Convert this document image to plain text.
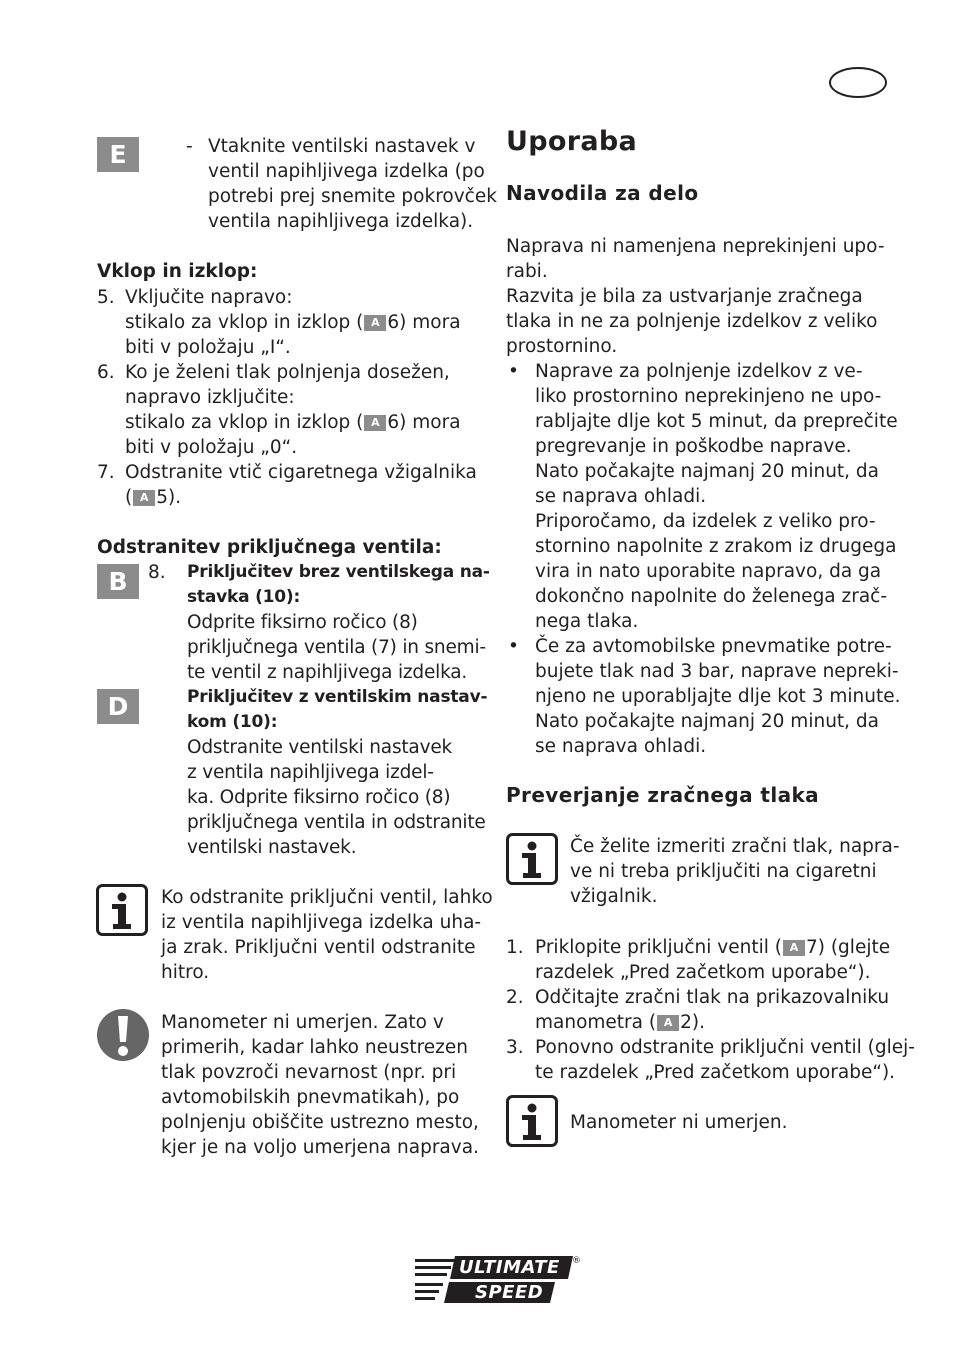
E	- Vtaknite ventilski nastavek v
ventil napihljivega izdelka (po
potrebi prej snemite pokrovček
ventila napihljivega izdelka).
Vklop in izklop:
5. Vključite napravo:
stikalo za vklop in izklop ( A 6) mora
biti v položaju „I“.
6. Ko je želeni tlak polnjenja dosežen,
napravo izključite:
stikalo za vklop in izklop ( A 6) mora
biti v položaju „0“.
7. Odstranite vtič cigaretnega vžigalnika
( A 5).
Odstranitev priključnega ventila:
B	8. Priključitev brez ventilskega na-
stavka (10):
Odprite fiksirno ročico (8)
priključnega ventila (7) in snemi-
te ventil z napihljivega izdelka.
D	Priključitev z ventilskim nastav-
kom (10):
Odstranite ventilski nastavek
z ventila napihljivega izdel-
ka. Odprite fiksirno ročico (8)
priključnega ventila in odstranite
ventilski nastavek.
Ko odstranite priključni ventil, lahko
iz ventila napihljivega izdelka uha-
ja zrak. Priključni ventil odstranite
hitro.
Manometer ni umerjen. Zato v
primerih, kadar lahko neustrezen
tlak povzroči nevarnost (npr. pri
avtomobilskih pnevmatikah), po
polnjenju obiščite ustrezno mesto,
kjer je na voljo umerjena naprava.
Uporaba
Navodila za delo
Naprava ni namenjena neprekinjeni upo-
rabi.
Razvita je bila za ustvarjanje zračnega
tlaka in ne za polnjenje izdelkov z veliko
prostornino.
• Naprave za polnjenje izdelkov z ve-
liko prostornino neprekinjeno ne upo-
rabljajte dlje kot 5 minut, da preprečite
pregrevanje in poškodbe naprave.
Nato počakajte najmanj 20 minut, da
se naprava ohladi.
Priporočamo, da izdelek z veliko pro-
stornino napolnite z zrakom iz drugega
vira in nato uporabite napravo, da ga
dokončno napolnite do želenega zrač-
nega tlaka.
• Če za avtomobilske pnevmatike potre-
bujete tlak nad 3 bar, naprave nepreki-
njeno ne uporabljajte dlje kot 3 minute.
Nato počakajte najmanj 20 minut, da
se naprava ohladi.
Preverjanje zračnega tlaka
Če želite izmeriti zračni tlak, napra-
ve ni treba priključiti na cigaretni
vžigalnik.
1. Priklopite priključni ventil ( A 7) (glejte
razdelek „Pred začetkom uporabe“).
2. Odčitajte zračni tlak na prikazovalniku
manometra ( A 2).
3. Ponovno odstranite priključni ventil (glej-
te razdelek „Pred začetkom uporabe“).
Manometer ni umerjen.
ULTIMATE
SPEED
®
